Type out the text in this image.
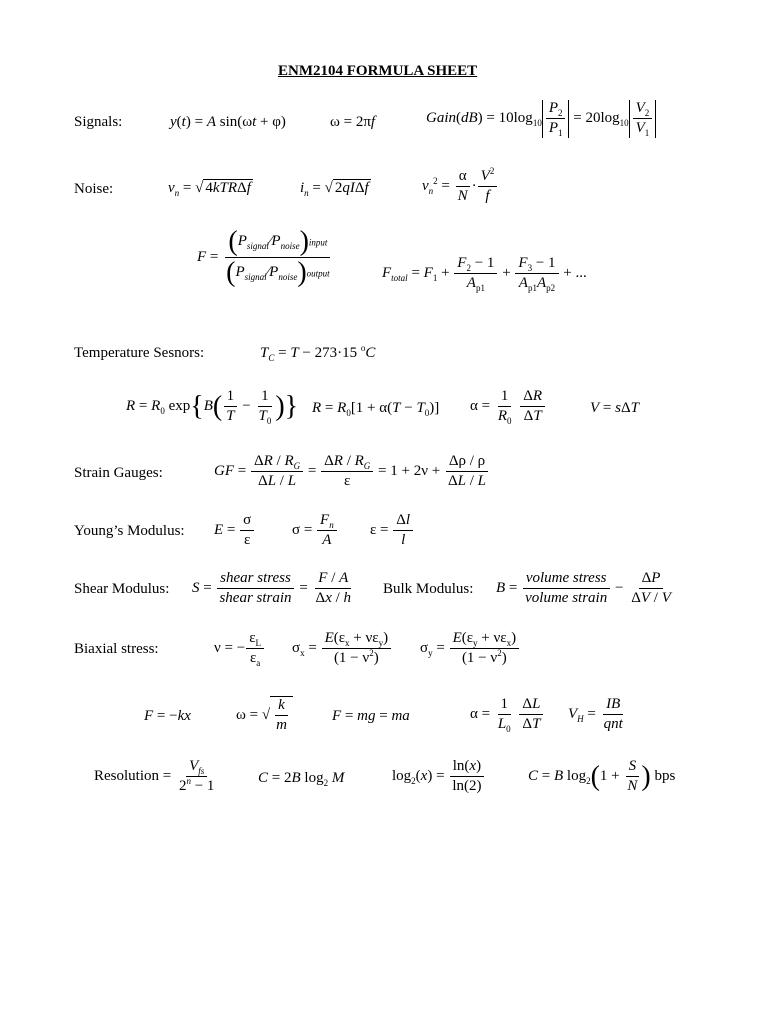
ENM2104 FORMULA SHEET
Signals:	y(t) = A sin(ωt + φ)	ω = 2πf	Gain(dB) = $10\log_{10} \frac{P_2}{P_1} = 20\log_{10} \frac{V_2}{V_1}$
Noise:	$v_n$ = √ 4kTRΔf	$i_n$ = √ 2qIΔf	$v_n^2 = \frac{\alpha}{N} \cdot \frac{V^2}{f}$
$F = \frac{(P_{signal}⁄P_{noise})input}{(P_{signal}⁄P_{noise})output}$	$F_{total} = F_1 + \frac{F_2 - 1}{A_{p1}} + \frac{F_3 - 1}{A_{p1}A_{p2}}$ + ...
Temperature Sesnors:	$T_C = T - 273\cdot 15$ $^o$C
$R = R_0$ $\exp\{B( \frac{1}{T} - \frac{1}{T_0}$ )} $R = R_0[1 + \alpha(T - T_0)] \alpha = \frac{1}{R_0}$
$\frac{\Delta R}{\Delta T}$	V = sΔT
Strain Gauges:	GF = $\frac{\Delta R / R_G}{\Delta L / L} = \frac{\Delta R / R_G}{\varepsilon} = 1 + 2\nu + \frac{\Delta\rho / \rho}{\Delta L / L}$
Young’s Modulus: $E = \frac{\sigma}{\varepsilon}$	$\sigma = \frac{F_n}{A}$ $\varepsilon = \frac{\Delta l}{l}$
Shear Modulus: $S = \frac{\text{shear stress}}{\text{shear strain}} = \frac{F / A}{\Delta x / h}$ Bulk Modulus: $B = \frac{\text{volume stress}}{\text{volume strain}} - \frac{\Delta P}{\Delta V / V}$
Biaxial stress:	ν = − $\frac{\varepsilon_L}{\varepsilon_a} \sigma_x = \frac{E(\varepsilon_x + \nu\varepsilon_y)}{(1 - \nu^2)} \sigma_y = \frac{E(\varepsilon_y + \nu\varepsilon_x)}{(1 - \nu^2)}$
F = −kx	ω = √ $\frac{k}{m}$	F = mg = ma	$\alpha = \frac{1}{L_0}$
$\frac{\Delta L}{\Delta T} V_H = \frac{IB}{\text{qnt}}$
Resolution = $\frac{V_{fs}}{2^n - 1}$	C = 2B $\log_2 M$	$\log_2(x) = \frac{\ln(x)}{\ln(2)}$	C = B $\log_2(1 + \frac{S}{N}$ ) bps
